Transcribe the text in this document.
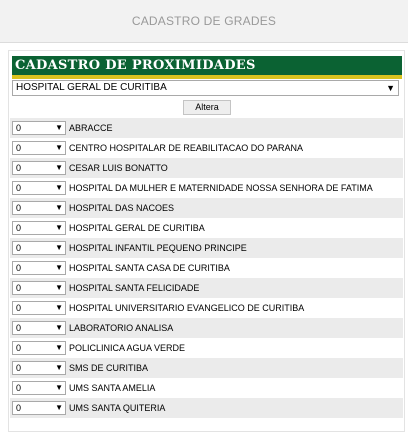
CADASTRO DE GRADES
CADASTRO DE PROXIMIDADES
HOSPITAL GERAL DE CURITIBA	▼
Altera
0	▼ ABRACCE
0	▼ CENTRO HOSPITALAR DE REABILITACAO DO PARANA
0	▼ CESAR LUIS BONATTO
0	▼ HOSPITAL DA MULHER E MATERNIDADE NOSSA SENHORA DE FATIMA
0	▼ HOSPITAL DAS NACOES
0	▼ HOSPITAL GERAL DE CURITIBA
0	▼ HOSPITAL INFANTIL PEQUENO PRINCIPE
0	▼ HOSPITAL SANTA CASA DE CURITIBA
0	▼ HOSPITAL SANTA FELICIDADE
0	▼ HOSPITAL UNIVERSITARIO EVANGELICO DE CURITIBA
0	▼ LABORATORIO ANALISA
0	▼ POLICLINICA AGUA VERDE
0	▼ SMS DE CURITIBA
0	▼ UMS SANTA AMELIA
0	▼ UMS SANTA QUITERIA
